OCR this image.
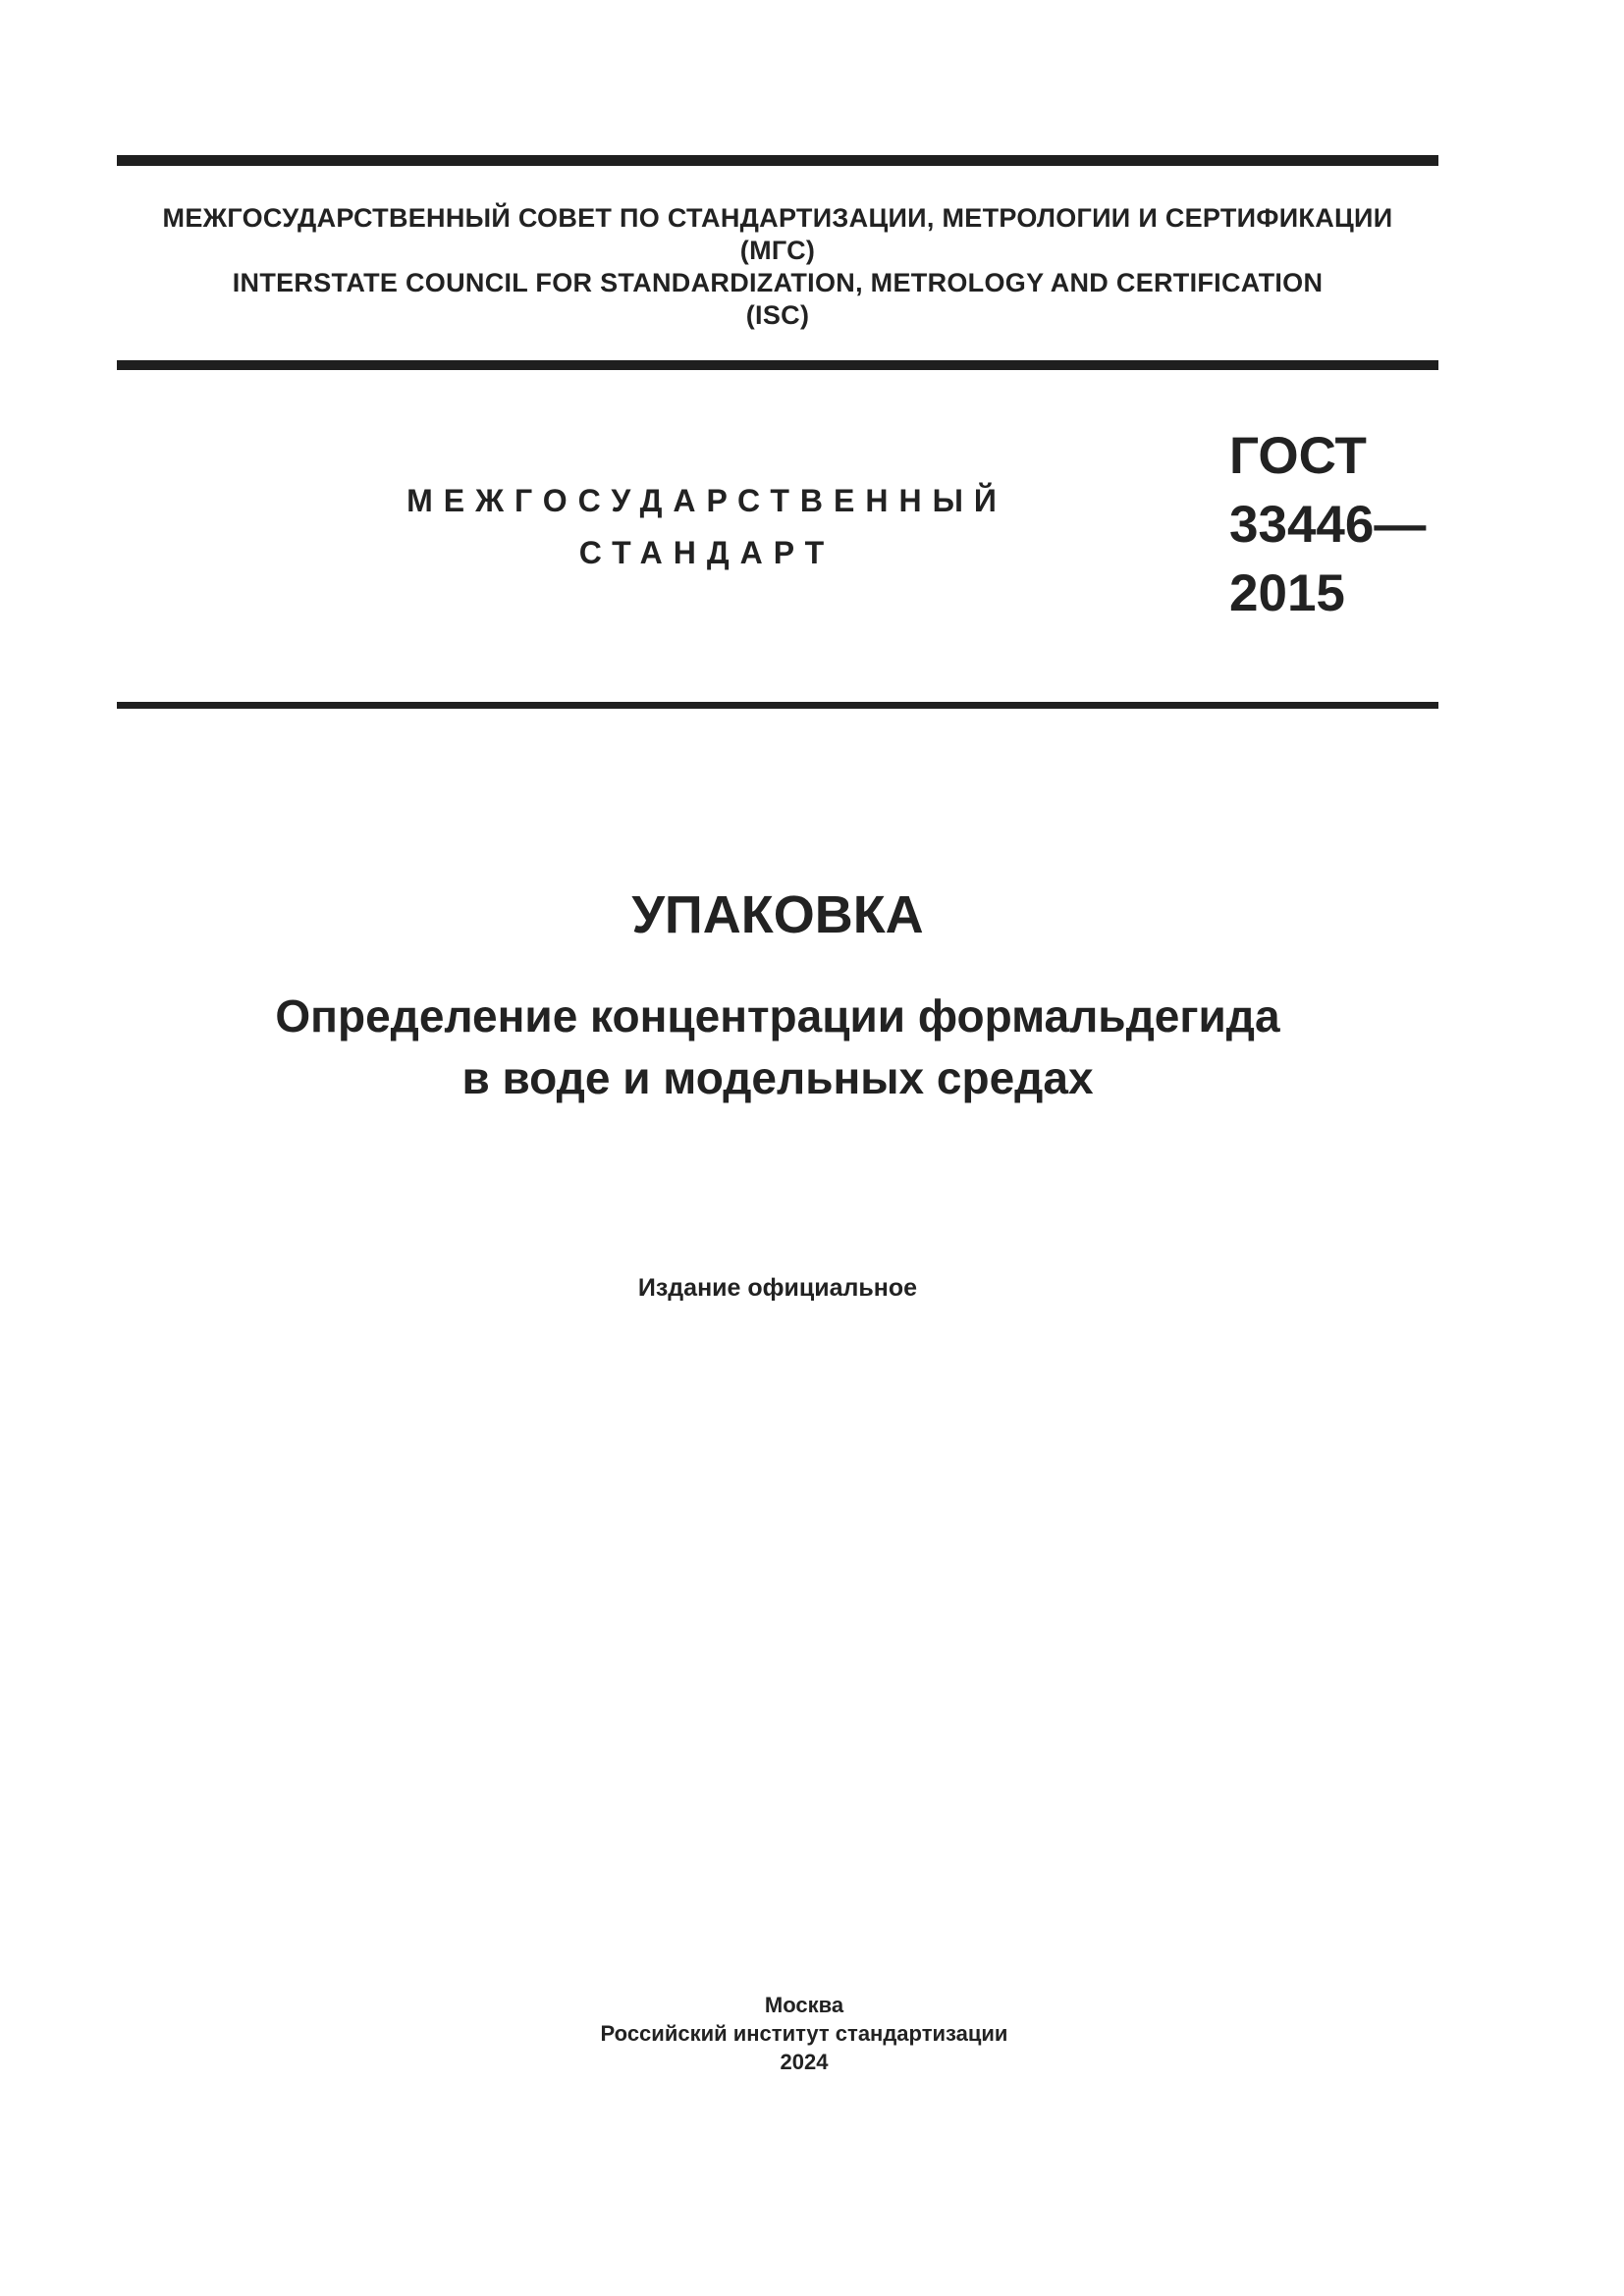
МЕЖГОСУДАРСТВЕННЫЙ СОВЕТ ПО СТАНДАРТИЗАЦИИ, МЕТРОЛОГИИ И СЕРТИФИКАЦИИ
(МГС)
INTERSTATE COUNCIL FOR STANDARDIZATION, METROLOGY AND CERTIFICATION
(ISC)
МЕЖГОСУДАРСТВЕННЫЙ
СТАНДАРТ
ГОСТ
33446—
2015
УПАКОВКА
Определение концентрации формальдегида
в воде и модельных средах
Издание официальное
Москва
Российский институт стандартизации
2024
